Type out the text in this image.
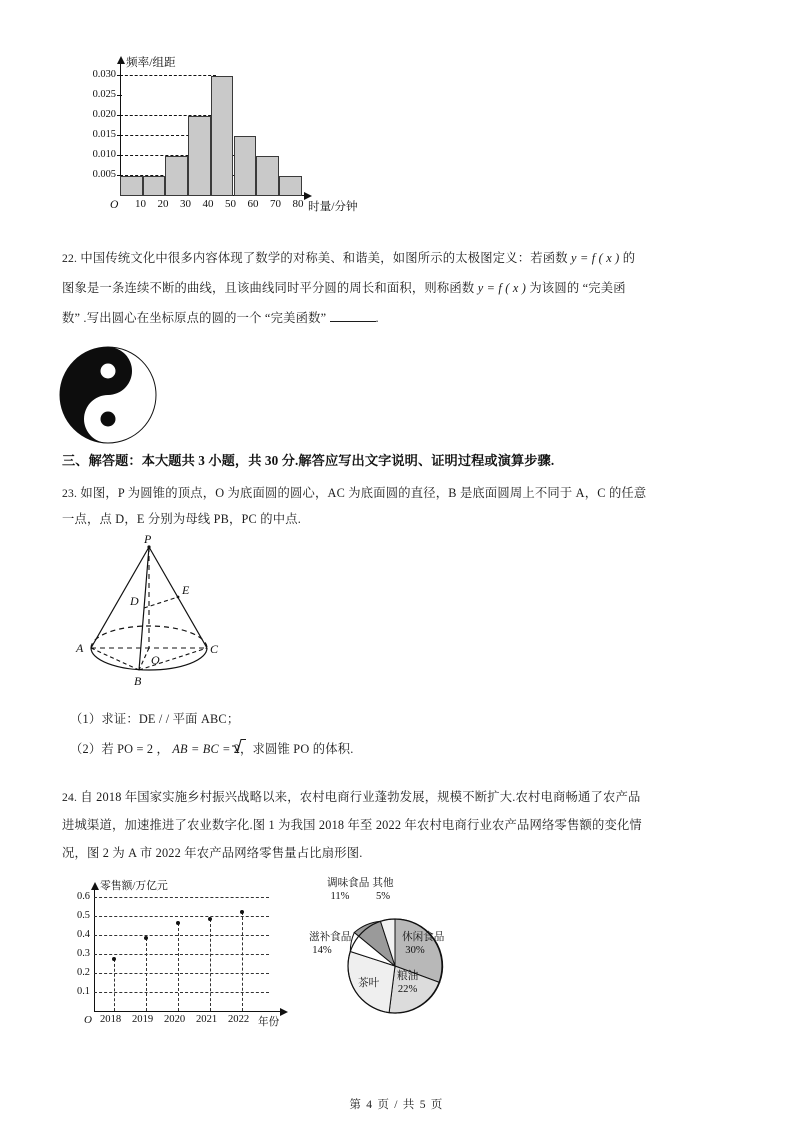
频率/组距
时量/分钟
O
0.005
0.010
0.015
0.020
0.025
0.030
10 20 30 40 50 60 70 80
22. 中国传统文化中很多内容体现了数学的对称美、和谐美，如图所示的太极图定义：若函数 y = f ( x ) 的
图象是一条连续不断的曲线，且该曲线同时平分圆的周长和面积，则称函数 y = f ( x ) 为该圆的 “完美函
数” .写出圆心在坐标原点的圆的一个 “完美函数”	.
三、解答题：本大题共 3 小题，共 30 分.解答应写出文字说明、证明过程或演算步骤.
23. 如图，P 为圆锥的顶点，O 为底面圆的圆心，AC 为底面圆的直径，B 是底面圆周上不同于 A，C 的任意
一点，点 D，E 分别为母线 PB，PC 的中点.
P
D
E
A
O
C
B
（1）求证：DE / / 平面 ABC；
（2）若 PO = 2 ， AB = BC = 2，求圆锥 PO 的体积.
24. 自 2018 年国家实施乡村振兴战略以来，农村电商行业蓬勃发展，规模不断扩大.农村电商畅通了农产品
进城渠道，加速推进了农业数字化.图 1 为我国 2018 年至 2022 年农村电商行业农产品网络零售额的变化情
况，图 2 为 A 市 2022 年农产品网络零售量占比扇形图.
零售额/万亿元
年份
O
0.1
0.2
0.3
0.4
0.5
0.6
2018 2019 2020 2021 2022
休闲食品
30%
粮油
22%
茶叶
滋补食品
14%
调味食品
11%
其他
5%
第 4 页 / 共 5 页
